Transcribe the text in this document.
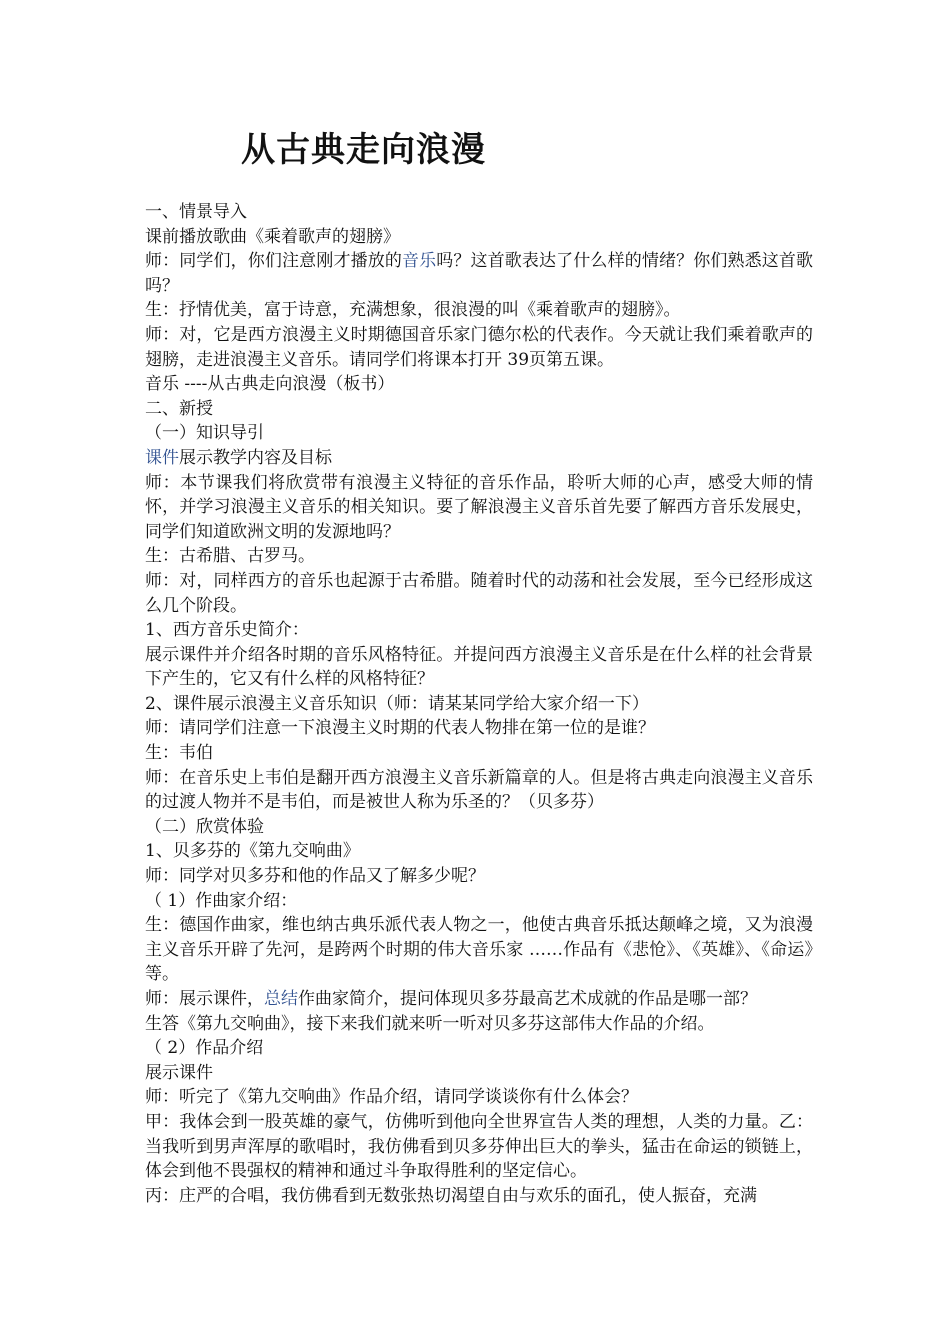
从古典走向浪漫

一、情景导入

课前播放歌曲《乘着歌声的翅膀》

师：同学们，你们注意刚才播放的音乐吗？这首歌表达了什么样的情绪？你们熟悉这首歌吗？

生：抒情优美，富于诗意，充满想象，很浪漫的叫《乘着歌声的翅膀》。

师：对，它是西方浪漫主义时期德国音乐家门德尔松的代表作。今天就让我们乘着歌声的翅膀，走进浪漫主义音乐。请同学们将课本打开 39页第五课。

音乐 ----从古典走向浪漫（板书）

二、新授

（一）知识导引

课件展示教学内容及目标

师：本节课我们将欣赏带有浪漫主义特征的音乐作品，聆听大师的心声，感受大师的情怀，并学习浪漫主义音乐的相关知识。要了解浪漫主义音乐首先要了解西方音乐发展史，同学们知道欧洲文明的发源地吗？

生：古希腊、古罗马。

师：对，同样西方的音乐也起源于古希腊。随着时代的动荡和社会发展，至今已经形成这么几个阶段。

1、西方音乐史简介：

展示课件并介绍各时期的音乐风格特征。并提问西方浪漫主义音乐是在什么样的社会背景下产生的，它又有什么样的风格特征？

2、课件展示浪漫主义音乐知识（师：请某某同学给大家介绍一下）

师：请同学们注意一下浪漫主义时期的代表人物排在第一位的是谁？

生：韦伯

师：在音乐史上韦伯是翻开西方浪漫主义音乐新篇章的人。但是将古典走向浪漫主义音乐的过渡人物并不是韦伯，而是被世人称为乐圣的？（贝多芬）

（二）欣赏体验

1、贝多芬的《第九交响曲》

师：同学对贝多芬和他的作品又了解多少呢？

（ 1）作曲家介绍：

生：德国作曲家，维也纳古典乐派代表人物之一，他使古典音乐抵达颠峰之境，又为浪漫主义音乐开辟了先河，是跨两个时期的伟大音乐家 ……作品有《悲怆》、《英雄》、《命运》等。

师：展示课件，总结作曲家简介，提问体现贝多芬最高艺术成就的作品是哪一部？

生答《第九交响曲》，接下来我们就来听一听对贝多芬这部伟大作品的介绍。

（ 2）作品介绍

展示课件

师：听完了《第九交响曲》作品介绍，请同学谈谈你有什么体会？

甲：我体会到一股英雄的豪气，仿佛听到他向全世界宣告人类的理想，人类的力量。乙：当我听到男声浑厚的歌唱时，我仿佛看到贝多芬伸出巨大的拳头，猛击在命运的锁链上，体会到他不畏强权的精神和通过斗争取得胜利的坚定信心。

丙：庄严的合唱，我仿佛看到无数张热切渴望自由与欢乐的面孔，使人振奋，充满
